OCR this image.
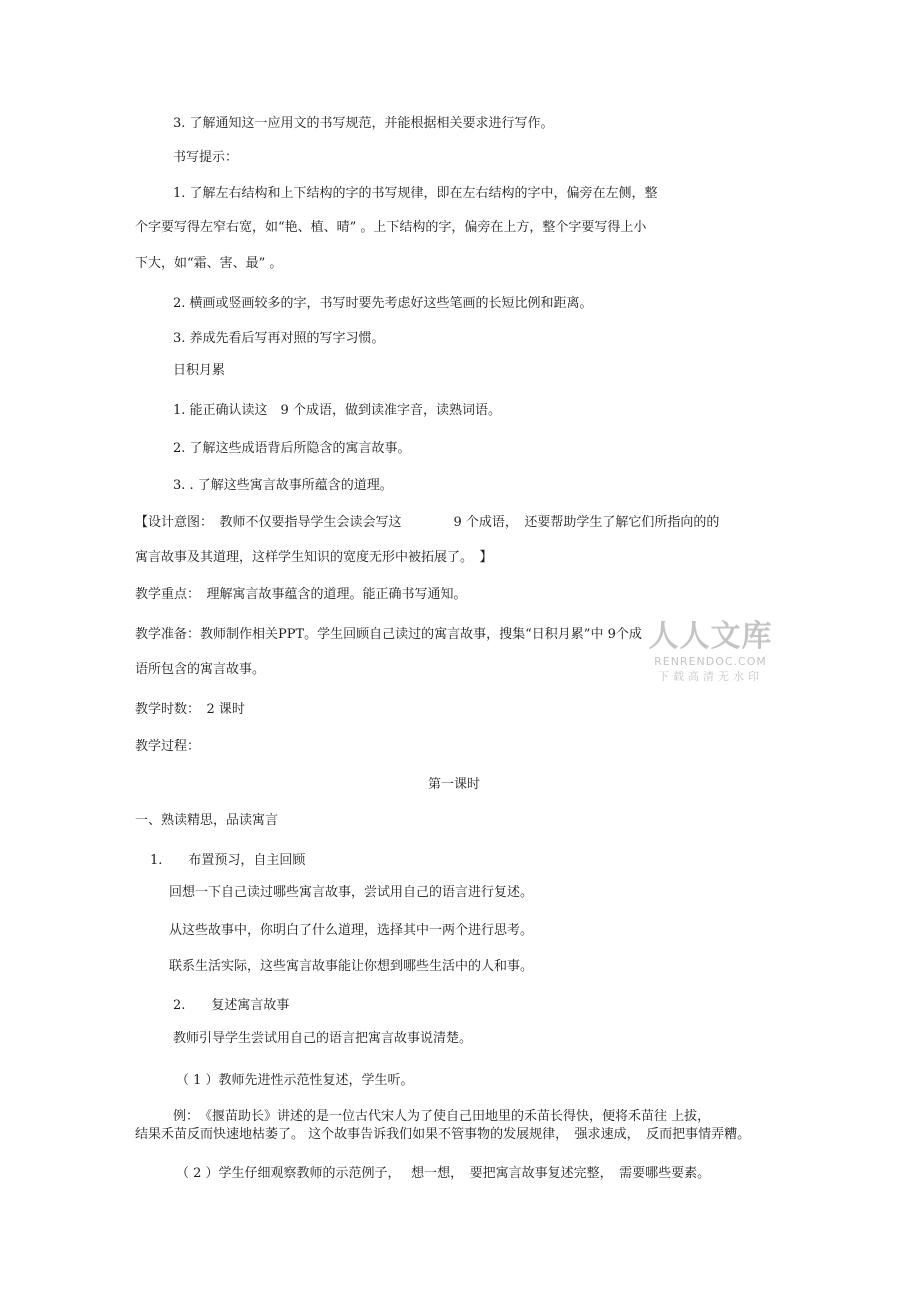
3. 了解通知这一应用文的书写规范，并能根据相关要求进行写作。
书写提示：
1. 了解左右结构和上下结构的字的书写规律，即在左右结构的字中，偏旁在左侧，整
个字要写得左窄右宽，如“艳、植、晴” 。上下结构的字，偏旁在上方，整个字要写得上小
下大，如“霜、害、最” 。
2. 横画或竖画较多的字，书写时要先考虑好这些笔画的长短比例和距离。
3. 养成先看后写再对照的写字习惯。
日积月累
1. 能正确认读这　9 个成语，做到读准字音，读熟词语。
2. 了解这些成语背后所隐含的寓言故事。
3. . 了解这些寓言故事所蕴含的道理。
【设计意图：　教师不仅要指导学生会读会写这　　　　9 个成语，　还要帮助学生了解它们所指向的的
寓言故事及其道理，这样学生知识的宽度无形中被拓展了。　】
教学重点：　理解寓言故事蕴含的道理。能正确书写通知。
教学准备：教师制作相关PPT。学生回顾自己读过的寓言故事，搜集“日积月累”中 9个成
语所包含的寓言故事。
教学时数：　2 课时
教学过程：
第一课时
一、熟读精思，品读寓言
1.　　布置预习，自主回顾
回想一下自己读过哪些寓言故事，尝试用自己的语言进行复述。
从这些故事中，你明白了什么道理，选择其中一两个进行思考。
联系生活实际，这些寓言故事能让你想到哪些生活中的人和事。
2.　　复述寓言故事
教师引导学生尝试用自己的语言把寓言故事说清楚。
（ 1 ）教师先进性示范性复述，学生听。
例：　《揠苗助长》讲述的是一位古代宋人为了使自己田地里的禾苗长得快，便将禾苗往 上拔，
结果禾苗反而快速地枯萎了。 这个故事告诉我们如果不管事物的发展规律，　强求速成，　反而把事情弄糟。
（ 2 ）学生仔细观察教师的示范例子，　 想一想，　要把寓言故事复述完整，　需要哪些要素。
人人文库
RENRENDOC.COM
下载高清无水印
